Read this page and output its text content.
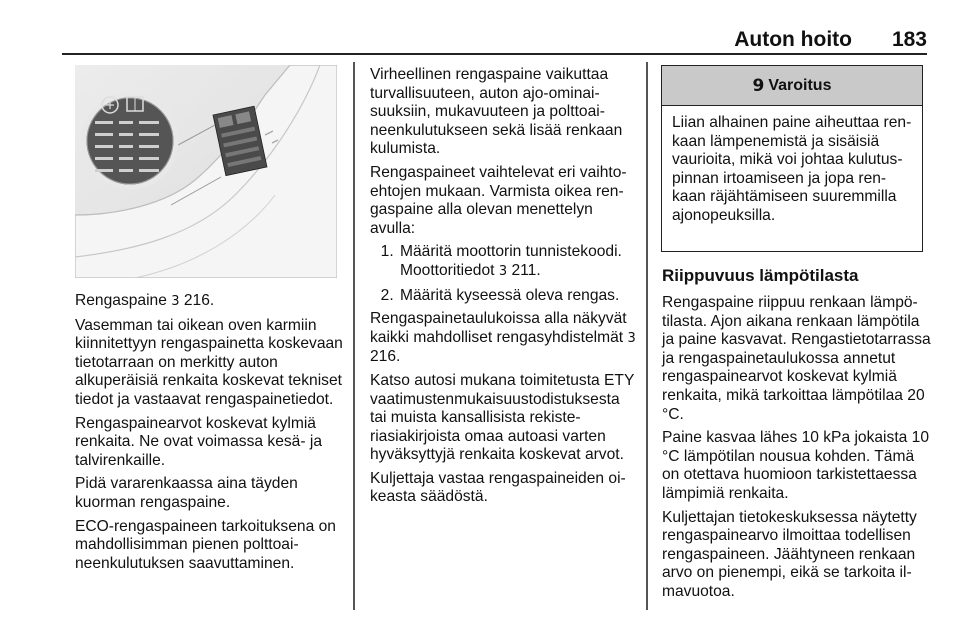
Auton hoito 183

Rengaspaine 3 216.

Vasemman tai oikean oven karmiin kiinnitettyyn rengaspainetta koskevaan tietotarraan on merkitty auton alkuperäisiä renkaita koskevat tekniset tiedot ja vastaavat rengaspainetiedot.

Rengaspainearvot koskevat kylmiä renkaita. Ne ovat voimassa kesä- ja talvirenkaille.

Pidä vararenkaassa aina täyden kuorman rengaspaine.

ECO-rengaspaineen tarkoituksena on mahdollisimman pienen polttoaineenkulutuksen saavuttaminen.

Virheellinen rengaspaine vaikuttaa turvallisuuteen, auton ajo-ominaisuuksiin, mukavuuteen ja polttoaineenkulutukseen sekä lisää renkaan kulumista.

Rengaspaineet vaihtelevat eri vaihtoehtojen mukaan. Varmista oikea rengaspaine alla olevan menettelyn avulla:

1. Määritä moottorin tunnistekoodi.
Moottoritiedot 3 211.
2. Määritä kyseessä oleva rengas.

Rengaspainetaulukoissa alla näkyvät kaikki mahdolliset rengasyhdistelmät 3 216.

Katso autosi mukana toimitetusta ETY vaatimustenmukaisuustodistuksesta tai muista kansallisista rekisteriasiakirjoista omaa autoasi varten hyväksyttyjä renkaita koskevat arvot.

Kuljettaja vastaa rengaspaineiden oikeasta säädöstä.

9 Varoitus
Liian alhainen paine aiheuttaa renkaan lämpenemistä ja sisäisiä vaurioita, mikä voi johtaa kulutuspinnan irtoamiseen ja jopa renkaan räjähtämiseen suuremmilla ajonopeuksilla.
Riippuvuus lämpötilasta

Rengaspaine riippuu renkaan lämpötilasta. Ajon aikana renkaan lämpötila ja paine kasvavat. Rengastietotarrassa ja rengaspainetaulukossa annetut rengaspainearvot koskevat kylmiä renkaita, mikä tarkoittaa lämpötilaa 20 °C.

Paine kasvaa lähes 10 kPa jokaista 10 °C lämpötilan nousua kohden. Tämä on otettava huomioon tarkistettaessa lämpimiä renkaita.

Kuljettajan tietokeskuksessa näytetty rengaspainearvo ilmoittaa todellisen rengaspaineen. Jäähtyneen renkaan arvo on pienempi, eikä se tarkoita ilmavuotoa.
